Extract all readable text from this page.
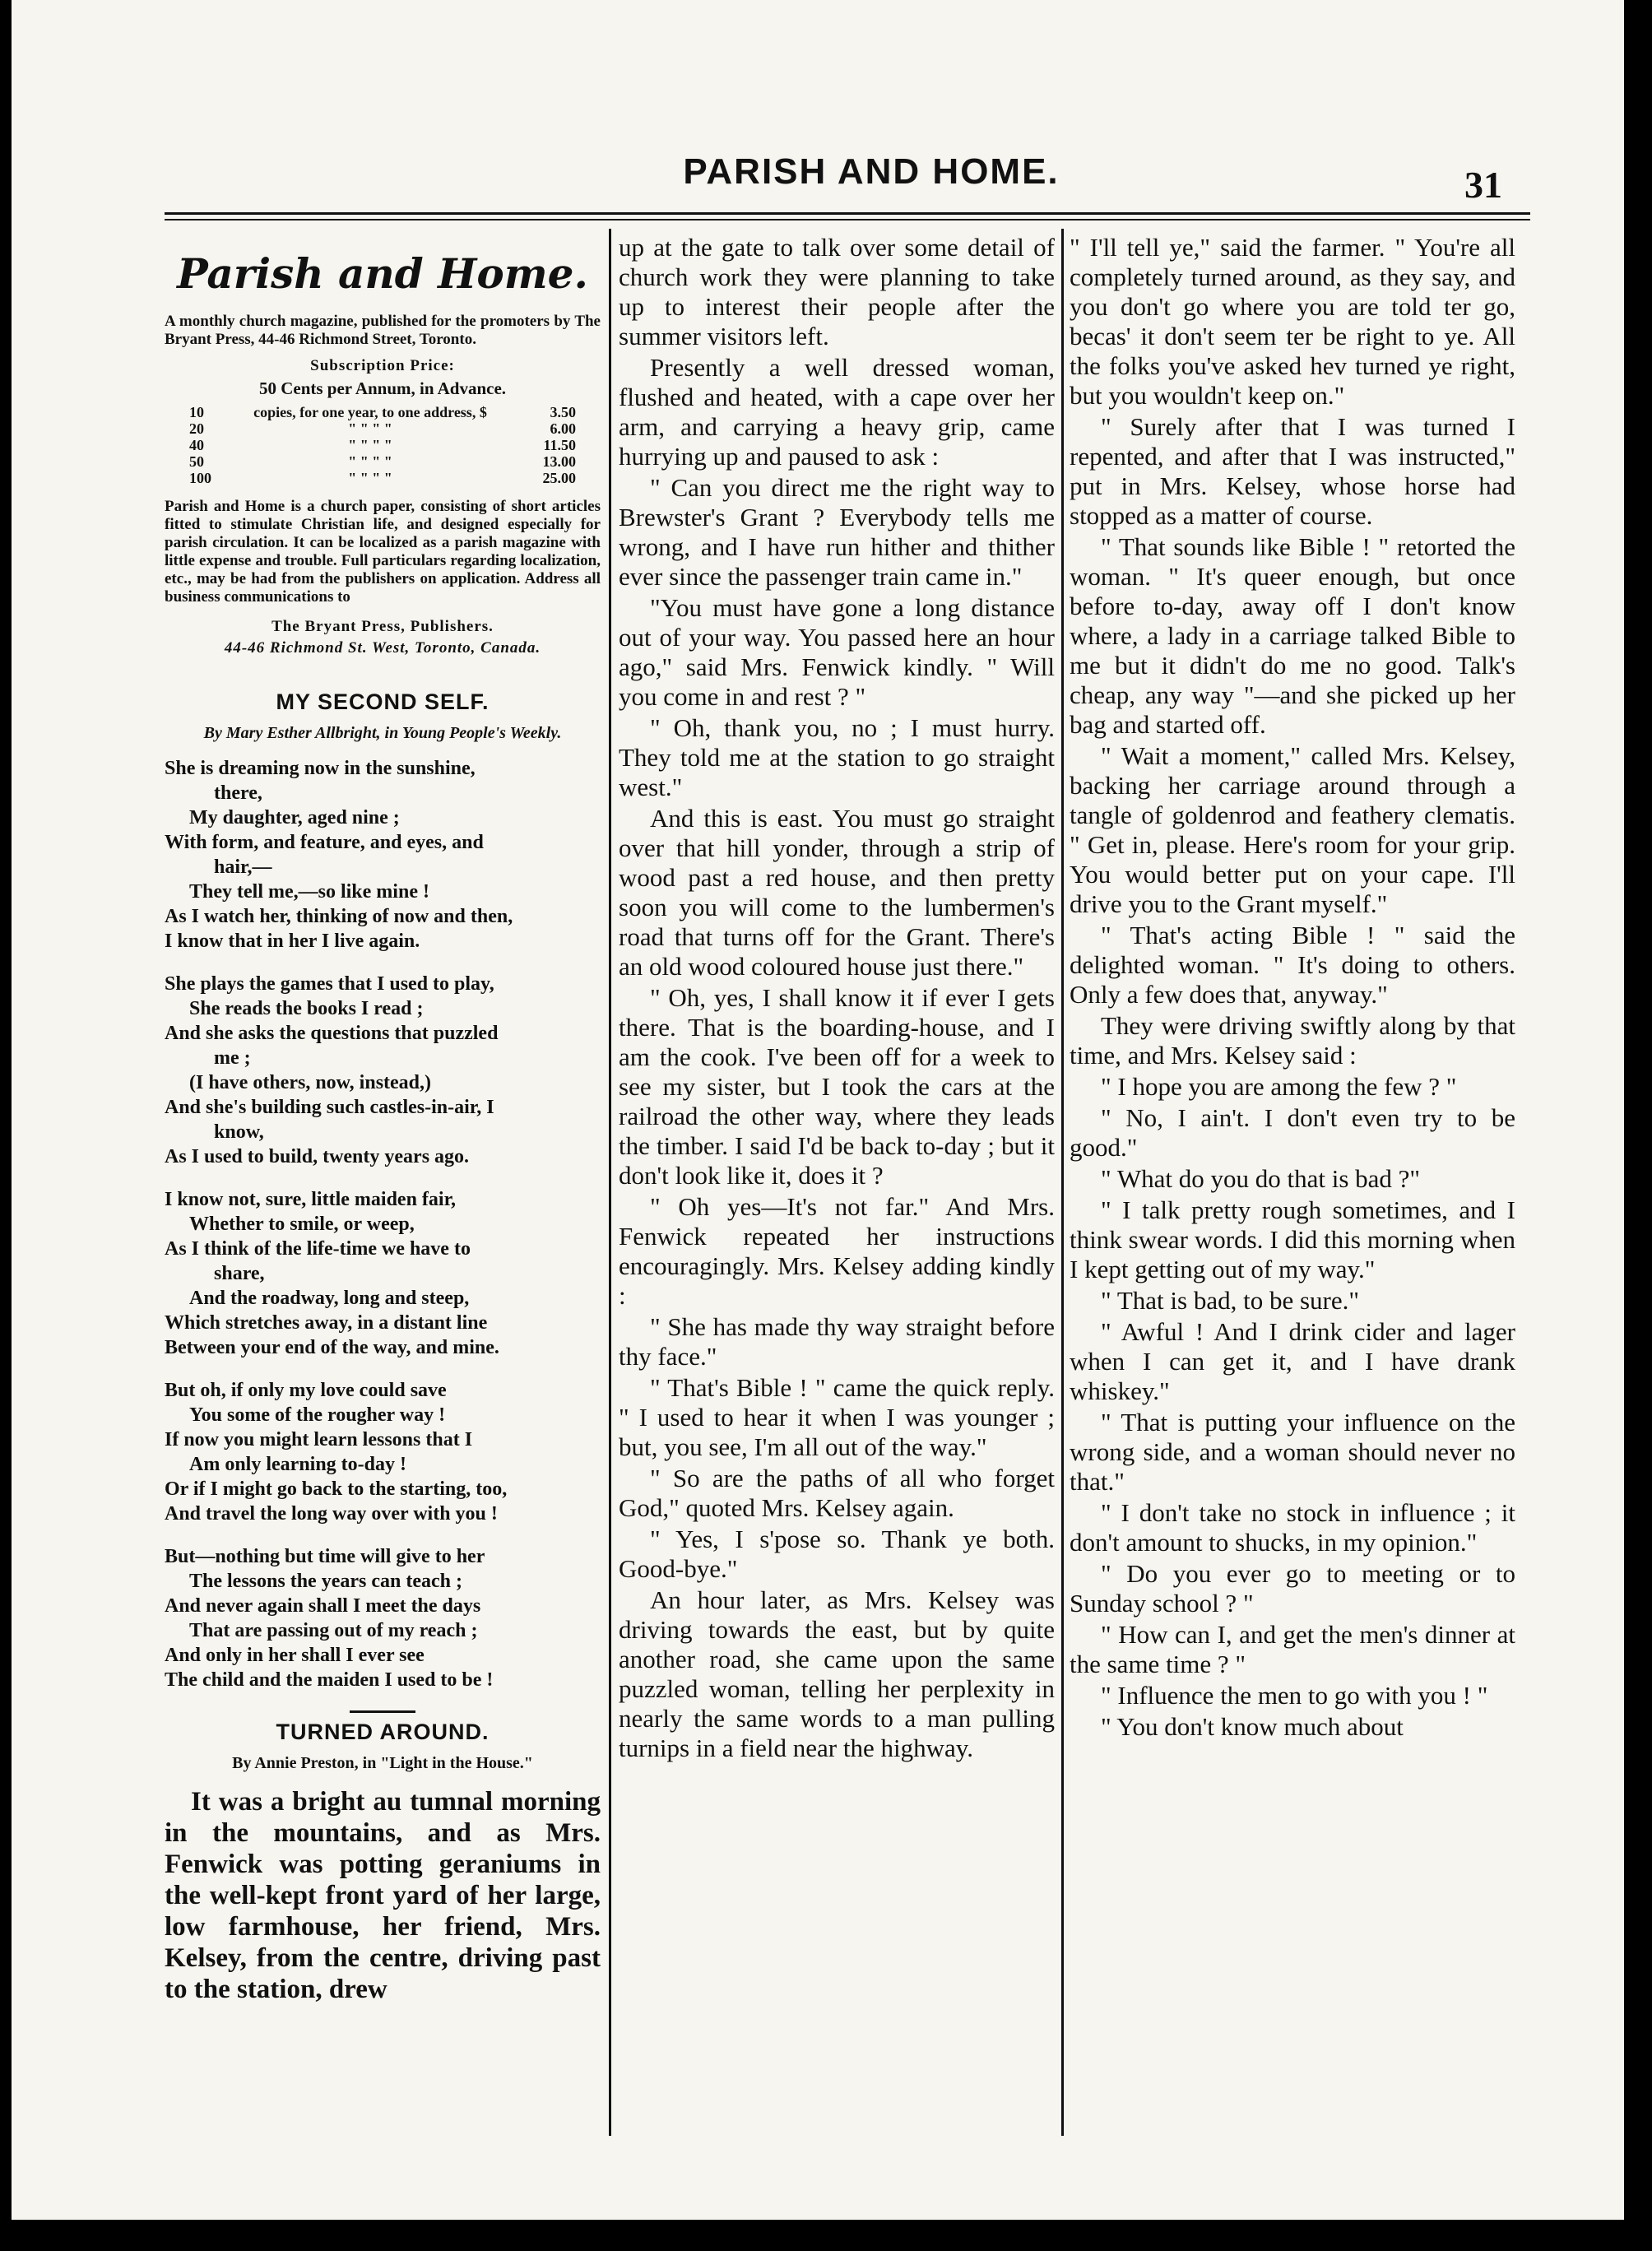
PARISH AND HOME.	31
Parish and Home.

A monthly church magazine, published for the promoters by The Bryant Press, 44-46 Richmond Street, Toronto.

Subscription Price:
50 Cents per Annum, in Advance.
10	copies, for one year, to one address, $	3.50
20	" " " "	6.00
40	" " " "	11.50
50	" " " "	13.00
100	" " " "	25.00

Parish and Home is a church paper, consisting of short articles fitted to stimulate Christian life, and designed especially for parish circulation. It can be localized as a parish magazine with little expense and trouble. Full particulars regarding localization, etc., may be had from the publishers on application. Address all business communications to

The Bryant Press, Publishers.
44-46 Richmond St. West, Toronto, Canada.
MY SECOND SELF.
By Mary Esther Allbright, in Young People's Weekly.
She is dreaming now in the sunshine,
there,
My daughter, aged nine ;
With form, and feature, and eyes, and
hair,—
They tell me,—so like mine !
As I watch her, thinking of now and then,
I know that in her I live again.
She plays the games that I used to play,
She reads the books I read ;
And she asks the questions that puzzled
me ;
(I have others, now, instead,)
And she's building such castles-in-air, I
know,
As I used to build, twenty years ago.
I know not, sure, little maiden fair,
Whether to smile, or weep,
As I think of the life-time we have to
share,
And the roadway, long and steep,
Which stretches away, in a distant line
Between your end of the way, and mine.
But oh, if only my love could save
You some of the rougher way !
If now you might learn lessons that I
Am only learning to-day !
Or if I might go back to the starting, too,
And travel the long way over with you !
But—nothing but time will give to her
The lessons the years can teach ;
And never again shall I meet the days
That are passing out of my reach ;
And only in her shall I ever see
The child and the maiden I used to be !
TURNED AROUND.
By Annie Preston, in "Light in the House."

It was a bright au tumnal morning in the mountains, and as Mrs. Fenwick was potting geraniums in the well-kept front yard of her large, low farmhouse, her friend, Mrs. Kelsey, from the centre, driving past to the station, drew

up at the gate to talk over some detail of church work they were planning to take up to interest their people after the summer visitors left.

Presently a well dressed woman, flushed and heated, with a cape over her arm, and carrying a heavy grip, came hurrying up and paused to ask :

" Can you direct me the right way to Brewster's Grant ? Everybody tells me wrong, and I have run hither and thither ever since the passenger train came in."

"You must have gone a long distance out of your way. You passed here an hour ago," said Mrs. Fenwick kindly. " Will you come in and rest ? "

" Oh, thank you, no ; I must hurry. They told me at the station to go straight west."

And this is east. You must go straight over that hill yonder, through a strip of wood past a red house, and then pretty soon you will come to the lumbermen's road that turns off for the Grant. There's an old wood coloured house just there."

" Oh, yes, I shall know it if ever I gets there. That is the boarding-house, and I am the cook. I've been off for a week to see my sister, but I took the cars at the railroad the other way, where they leads the timber. I said I'd be back to-day ; but it don't look like it, does it ?

" Oh yes—It's not far." And Mrs. Fenwick repeated her instructions encouragingly. Mrs. Kelsey adding kindly :

" She has made thy way straight before thy face."

" That's Bible ! " came the quick reply. " I used to hear it when I was younger ; but, you see, I'm all out of the way."

" So are the paths of all who forget God," quoted Mrs. Kelsey again.

" Yes, I s'pose so. Thank ye both. Good-bye."

An hour later, as Mrs. Kelsey was driving towards the east, but by quite another road, she came upon the same puzzled woman, telling her perplexity in nearly the same words to a man pulling turnips in a field near the highway.

" I'll tell ye," said the farmer. " You're all completely turned around, as they say, and you don't go where you are told ter go, becas' it don't seem ter be right to ye. All the folks you've asked hev turned ye right, but you wouldn't keep on."

" Surely after that I was turned I repented, and after that I was instructed," put in Mrs. Kelsey, whose horse had stopped as a matter of course.

" That sounds like Bible ! " retorted the woman. " It's queer enough, but once before to-day, away off I don't know where, a lady in a carriage talked Bible to me but it didn't do me no good. Talk's cheap, any way "—and she picked up her bag and started off.

" Wait a moment," called Mrs. Kelsey, backing her carriage around through a tangle of goldenrod and feathery clematis. " Get in, please. Here's room for your grip. You would better put on your cape. I'll drive you to the Grant myself."

" That's acting Bible ! " said the delighted woman. " It's doing to others. Only a few does that, anyway."

They were driving swiftly along by that time, and Mrs. Kelsey said :

" I hope you are among the few ? "

" No, I ain't. I don't even try to be good."

" What do you do that is bad ?"

" I talk pretty rough sometimes, and I think swear words. I did this morning when I kept getting out of my way."

" That is bad, to be sure."

" Awful ! And I drink cider and lager when I can get it, and I have drank whiskey."

" That is putting your influence on the wrong side, and a woman should never no that."

" I don't take no stock in influence ; it don't amount to shucks, in my opinion."

" Do you ever go to meeting or to Sunday school ? "

" How can I, and get the men's dinner at the same time ? "

" Influence the men to go with you ! "

" You don't know much about
